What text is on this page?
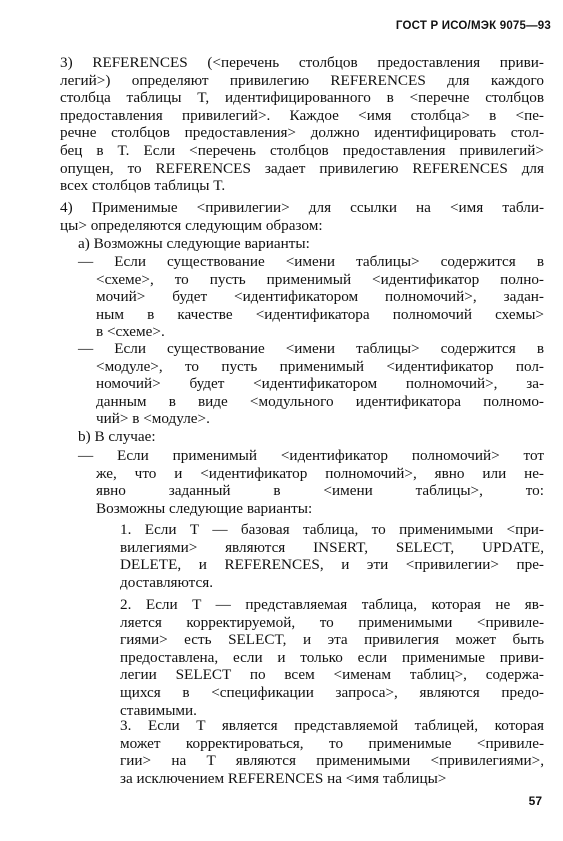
ГОСТ Р ИСО/МЭК 9075—93
3) REFERENCES (<перечень столбцов предоставления приви-
легий>) определяют привилегию REFERENCES для каждого
столбца таблицы T, идентифицированного в <перечне столбцов
предоставления привилегий>. Каждое <имя столбца> в <пе-
речне столбцов предоставления> должно идентифицировать стол-
бец в T. Если <перечень столбцов предоставления привилегий>
опущен, то REFERENCES задает привилегию REFERENCES для
всех столбцов таблицы T.
4) Применимые <привилегии> для ссылки на <имя табли-
цы> определяются следующим образом:
a) Возможны следующие варианты:
— Если существование <имени таблицы> содержится в
<схеме>, то пусть применимый <идентификатор полно-
мочий> будет <идентификатором полномочий>, задан-
ным в качестве <идентификатора полномочий схемы>
в <схеме>.
— Если существование <имени таблицы> содержится в
<модуле>, то пусть применимый <идентификатор пол-
номочий> будет <идентификатором полномочий>, за-
данным в виде <модульного идентификатора полномо-
чий> в <модуле>.
b) В случае:
— Если применимый <идентификатор полномочий> тот
же, что и <идентификатор полномочий>, явно или не-
явно заданный в <имени таблицы>, то:
Возможны следующие варианты:
1. Если T — базовая таблица, то применимыми <при-
вилегиями> являются INSERT, SELECT, UPDATE,
DELETE, и REFERENCES, и эти <привилегии> пре-
доставляются.
2. Если T — представляемая таблица, которая не яв-
ляется корректируемой, то применимыми <привиле-
гиями> есть SELECT, и эта привилегия может быть
предоставлена, если и только если применимые приви-
легии SELECT по всем <именам таблиц>, содержа-
щихся в <спецификации запроса>, являются предо-
ставимыми.
3. Если T является представляемой таблицей, которая
может корректироваться, то применимые <привиле-
гии> на T являются применимыми <привилегиями>,
за исключением REFERENCES на <имя таблицы>
57
